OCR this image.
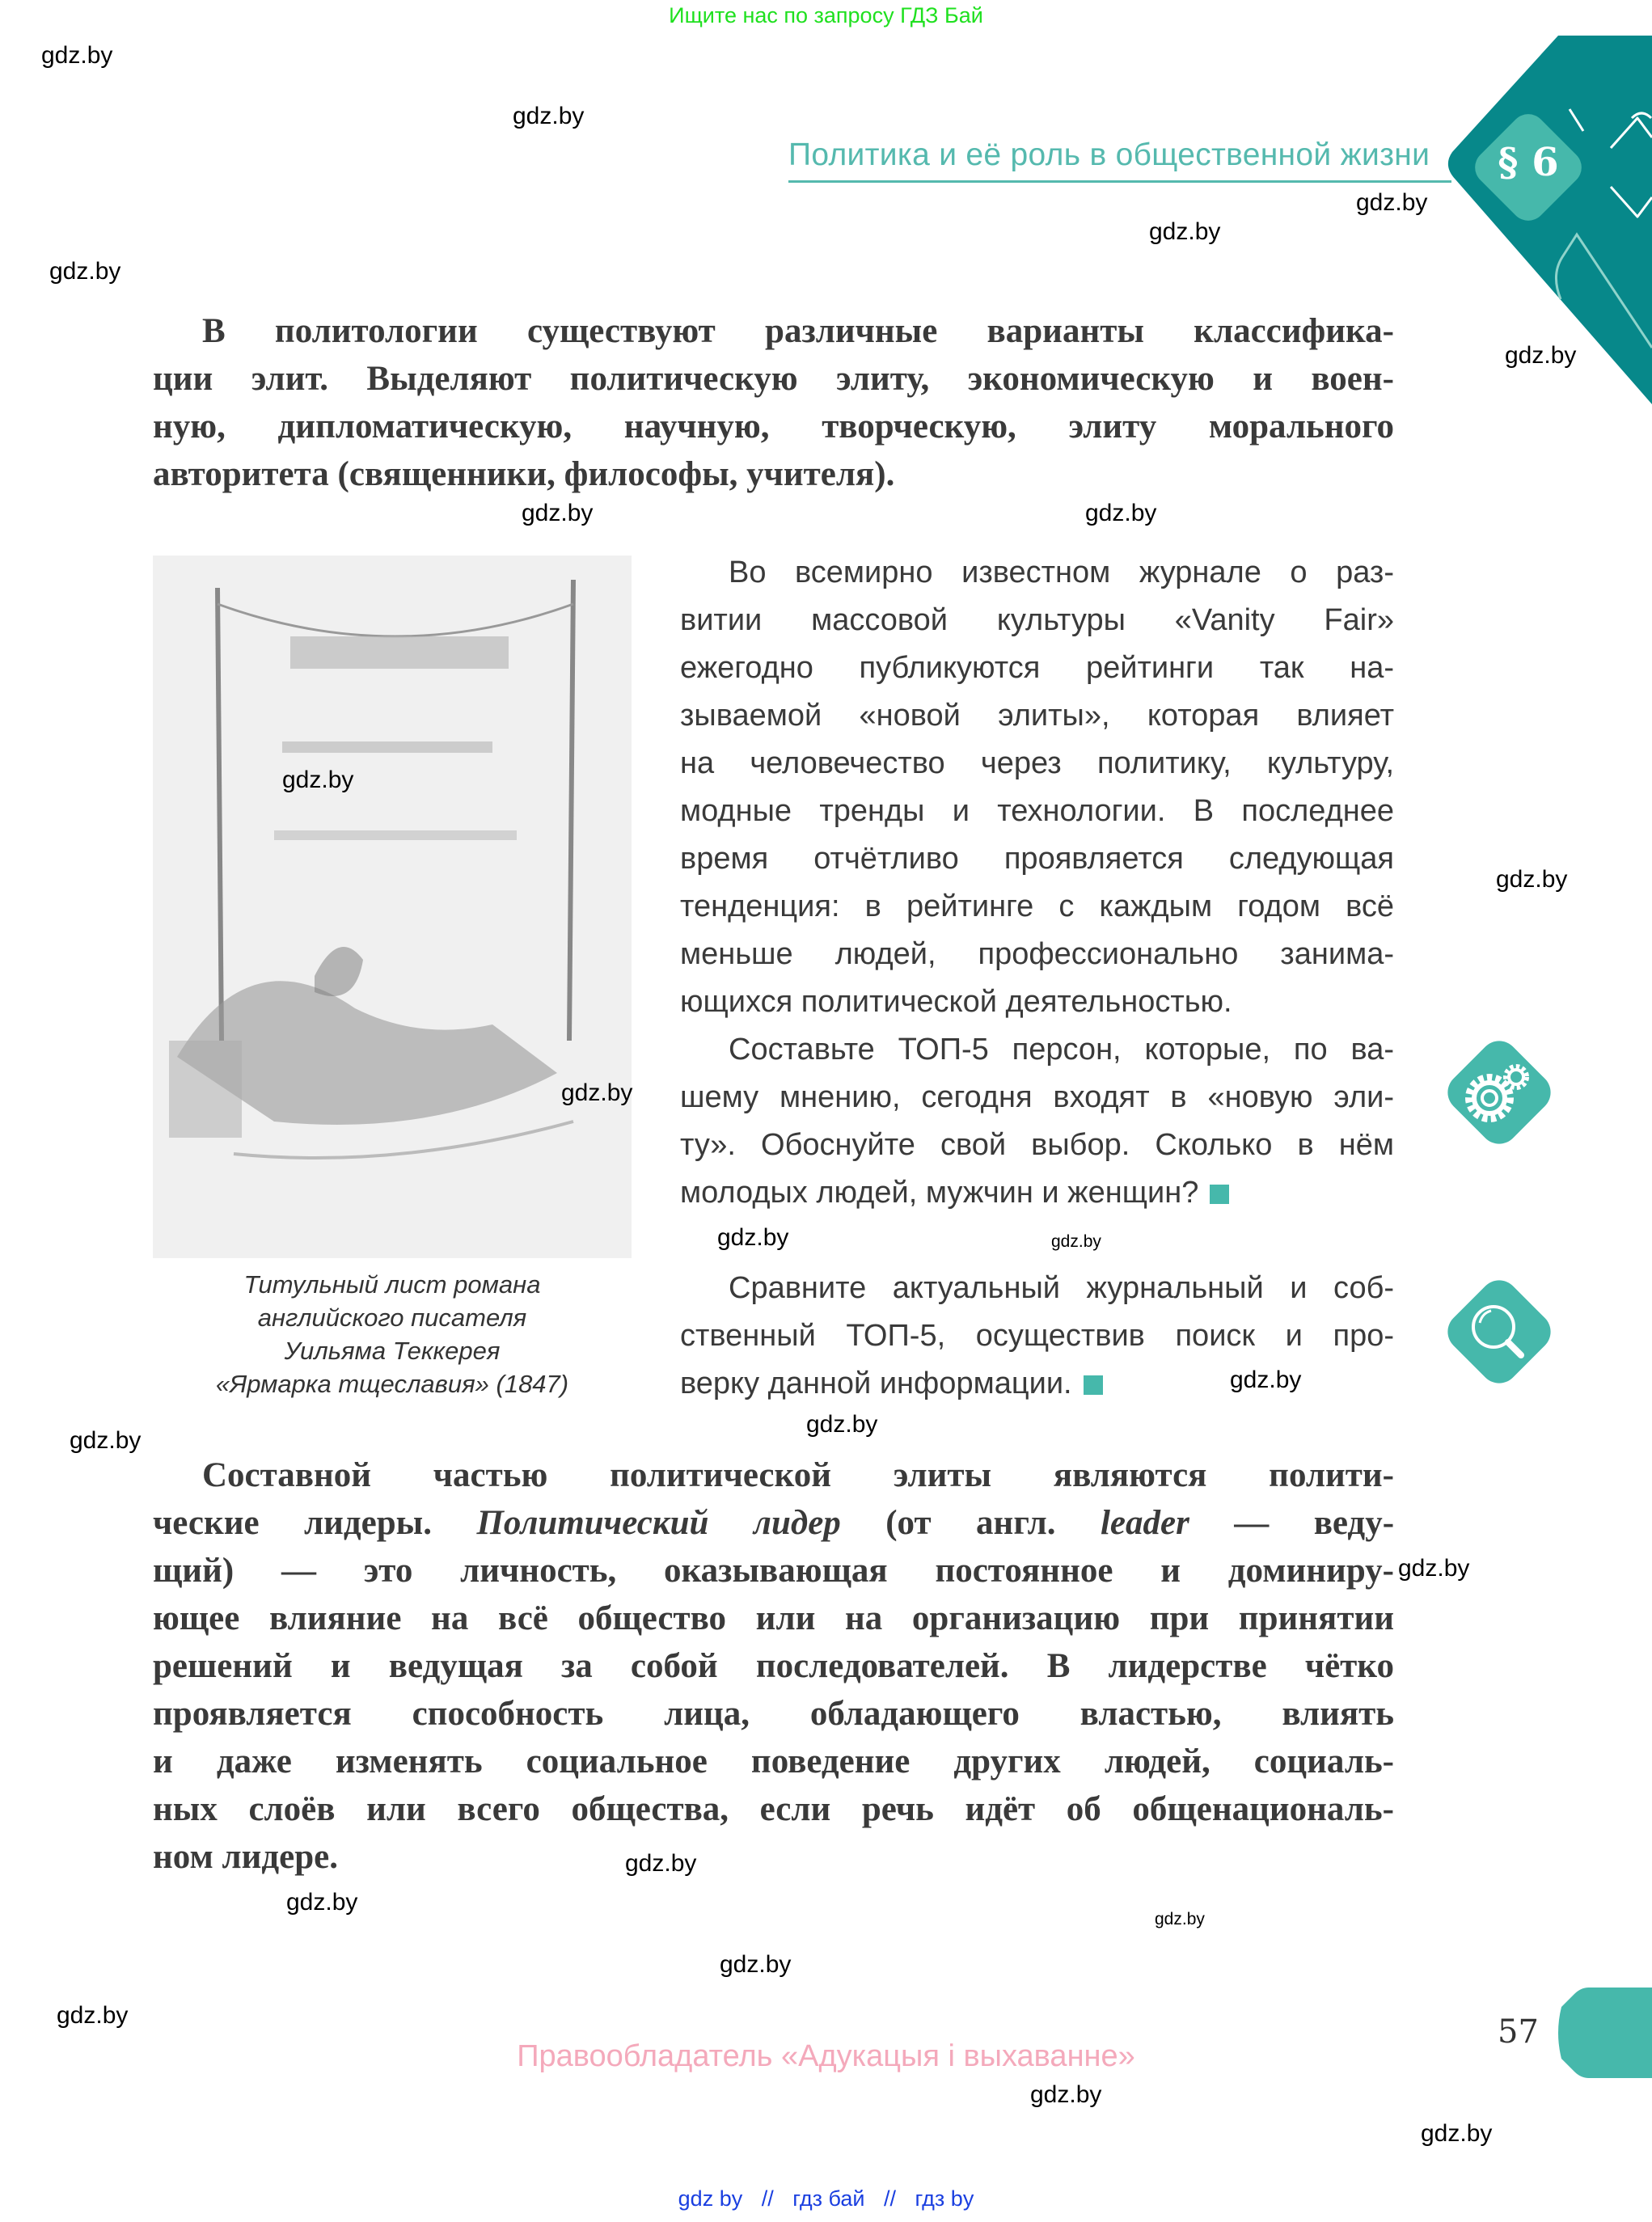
Ищите нас по запросу ГДЗ Бай
§ 6
Политика и её роль в общественной жизни
В политологии существуют различные варианты классифика-
ции элит. Выделяют политическую элиту, экономическую и воен-
ную, дипломатическую, научную, творческую, элиту морального
авторитета (священники, философы, учителя).
Титульный лист романа
английского писателя
Уильяма Теккерея
«Ярмарка тщеславия» (1847)
Во всемирно известном журнале о раз-
витии массовой культуры «Vanity Fair»
ежегодно публикуются рейтинги так на-
зываемой «новой элиты», которая влияет
на человечество через политику, культуру,
модные тренды и технологии. В последнее
время отчётливо проявляется следующая
тенденция: в рейтинге с каждым годом всё
меньше людей, профессионально занима-
ющихся политической деятельностью.
Составьте ТОП-5 персон, которые, по ва-
шему мнению, сегодня входят в «новую эли-
ту». Обоснуйте свой выбор. Сколько в нём
молодых людей, мужчин и женщин?
Сравните актуальный журнальный и соб-
ственный ТОП-5, осуществив поиск и про-
верку данной информации.
Составной частью политической элиты являются полити-
ческие лидеры. Политический лидер (от англ. leader — веду-
щий) — это личность, оказывающая постоянное и доминиру-
ющее влияние на всё общество или на организацию при принятии
решений и ведущая за собой последователей. В лидерстве чётко
проявляется способность лица, обладающего властью, влиять
и даже изменять социальное поведение других людей, социаль-
ных слоёв или всего общества, если речь идёт об общенациональ-
ном лидере.
57
Правообладатель «Адукацыя і выхаванне»
gdz by // гдз бай // гдз by
gdz.by
gdz.by
gdz.by
gdz.by
gdz.by
gdz.by
gdz.by
gdz.by
gdz.by
gdz.by
gdz.by
gdz.by
gdz.by
gdz.by
gdz.by
gdz.by
gdz.by
gdz.by
gdz.by
gdz.by
gdz.by
gdz.by
gdz.by
gdz.by
